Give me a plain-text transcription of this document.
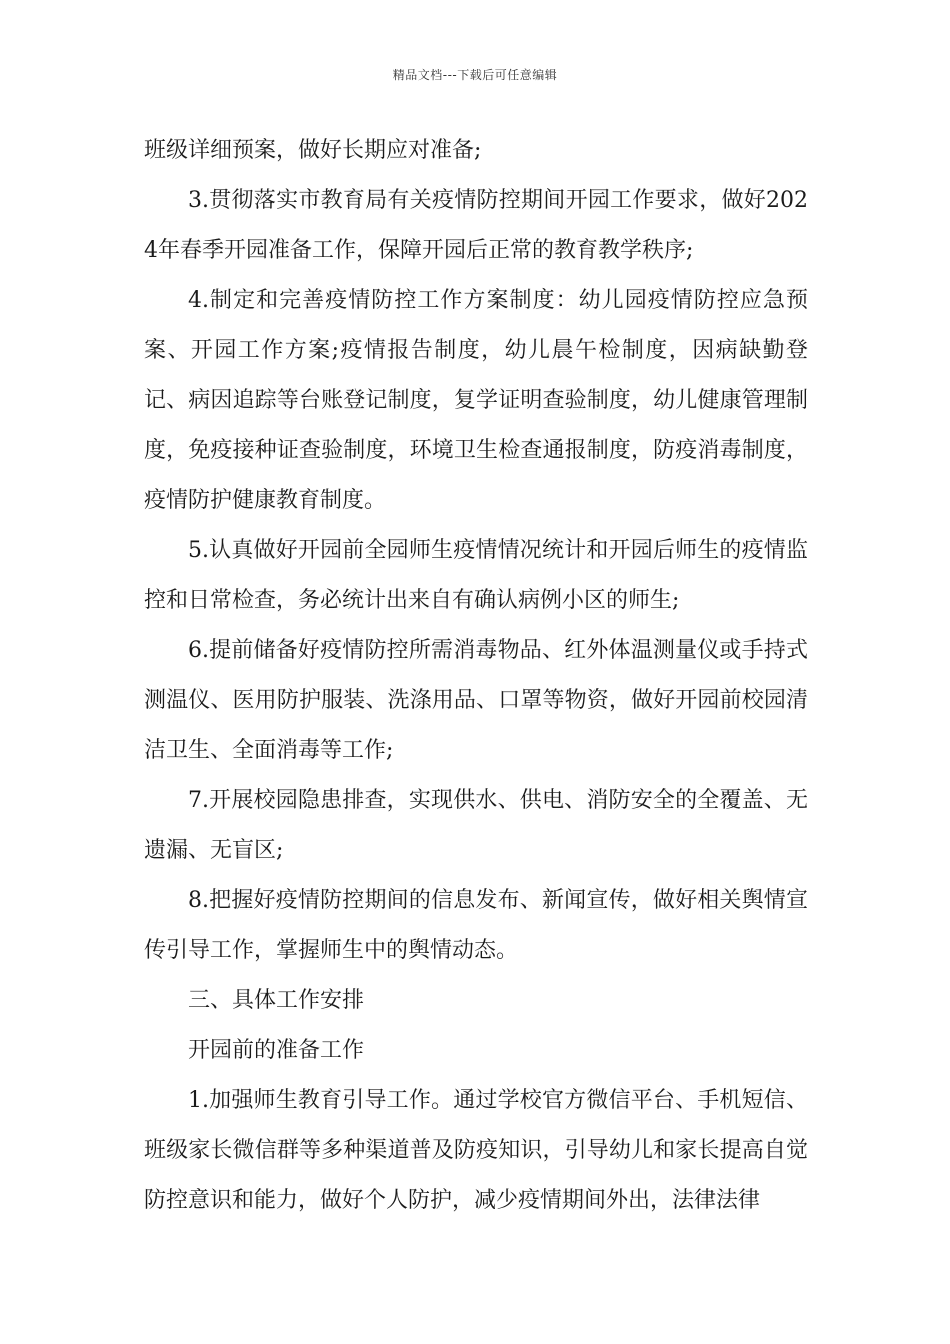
精品文档---下载后可任意编辑

班级详细预案，做好长期应对准备;

3.贯彻落实市教育局有关疫情防控期间开园工作要求，做好2024年春季开园准备工作，保障开园后正常的教育教学秩序;

4.制定和完善疫情防控工作方案制度：幼儿园疫情防控应急预案、开园工作方案;疫情报告制度，幼儿晨午检制度，因病缺勤登记、病因追踪等台账登记制度，复学证明查验制度，幼儿健康管理制度，免疫接种证查验制度，环境卫生检查通报制度，防疫消毒制度，疫情防护健康教育制度。

5.认真做好开园前全园师生疫情情况统计和开园后师生的疫情监控和日常检查，务必统计出来自有确认病例小区的师生;

6.提前储备好疫情防控所需消毒物品、红外体温测量仪或手持式测温仪、医用防护服装、洗涤用品、口罩等物资，做好开园前校园清洁卫生、全面消毒等工作;

7.开展校园隐患排查，实现供水、供电、消防安全的全覆盖、无遗漏、无盲区;

8.把握好疫情防控期间的信息发布、新闻宣传，做好相关舆情宣传引导工作，掌握师生中的舆情动态。

三、具体工作安排

开园前的准备工作

1.加强师生教育引导工作。通过学校官方微信平台、手机短信、班级家长微信群等多种渠道普及防疫知识，引导幼儿和家长提高自觉防控意识和能力，做好个人防护，减少疫情期间外出，法律法律
